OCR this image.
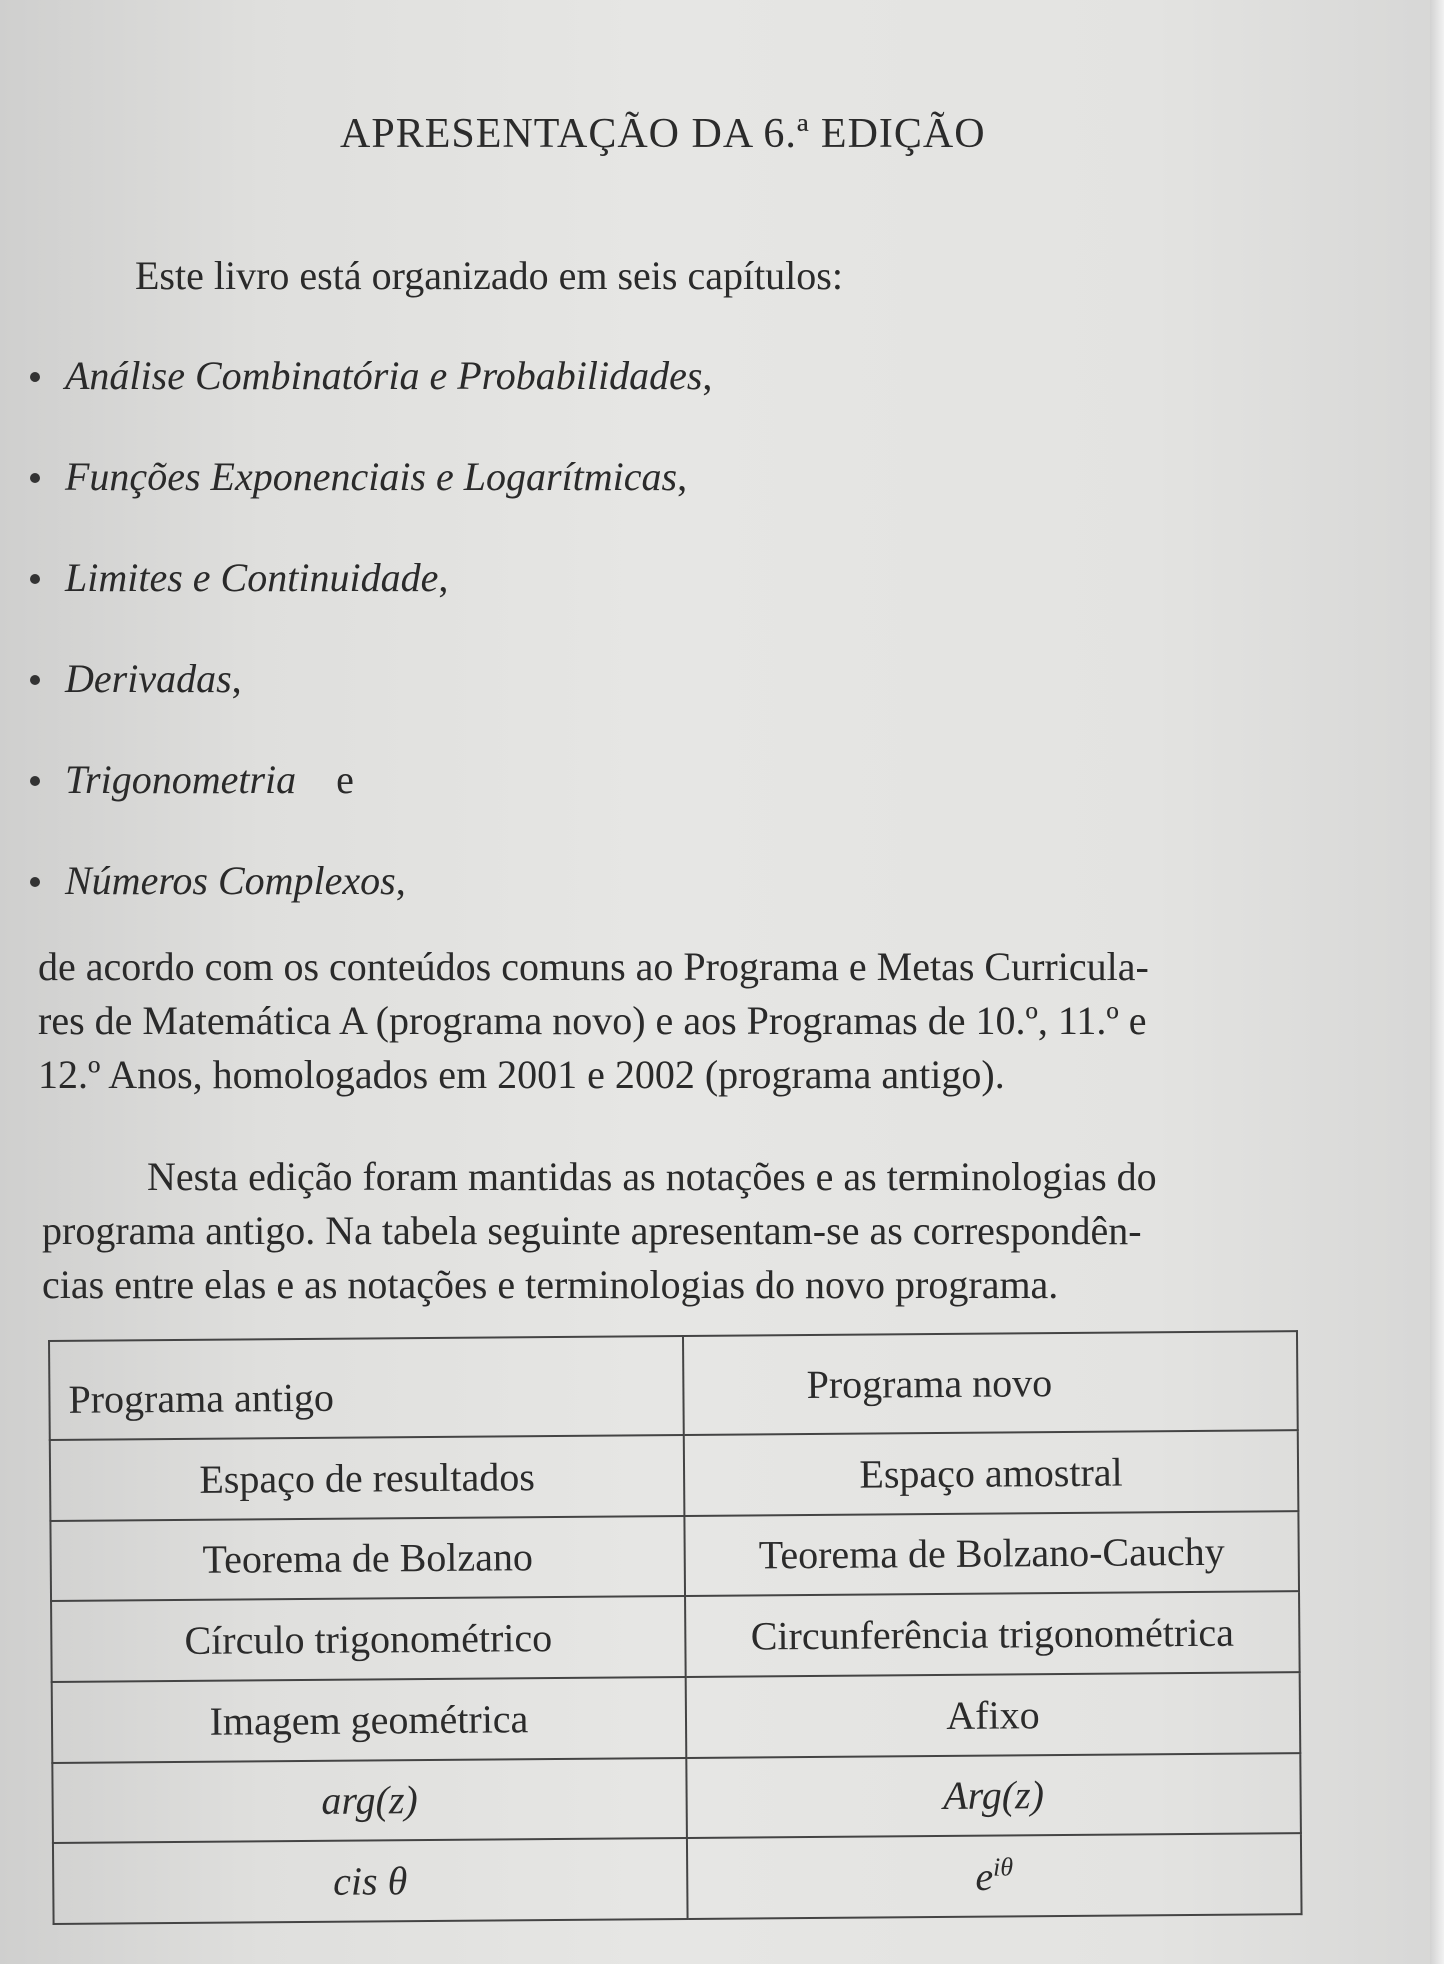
APRESENTAÇÃO DA 6.ª EDIÇÃO
Este livro está organizado em seis capítulos:
Análise Combinatória e Probabilidades,
Funções Exponenciais e Logarítmicas,
Limites e Continuidade,
Derivadas,
Trigonometria    e
Números Complexos,
de acordo com os conteúdos comuns ao Programa e Metas Curricula-
res de Matemática A (programa novo) e aos Programas de 10.º, 11.º e
12.º Anos, homologados em 2001 e 2002 (programa antigo).
Nesta edição foram mantidas as notações e as terminologias do
programa antigo. Na tabela seguinte apresentam-se as correspondên-
cias entre elas e as notações e terminologias do novo programa.
Programa antigo	Programa novo
Espaço de resultados	Espaço amostral
Teorema de Bolzano	Teorema de Bolzano-Cauchy
Círculo trigonométrico	Circunferência trigonométrica
Imagem geométrica	Afixo
arg(z)	Arg(z)
cis θ	$e^{i\theta}$
